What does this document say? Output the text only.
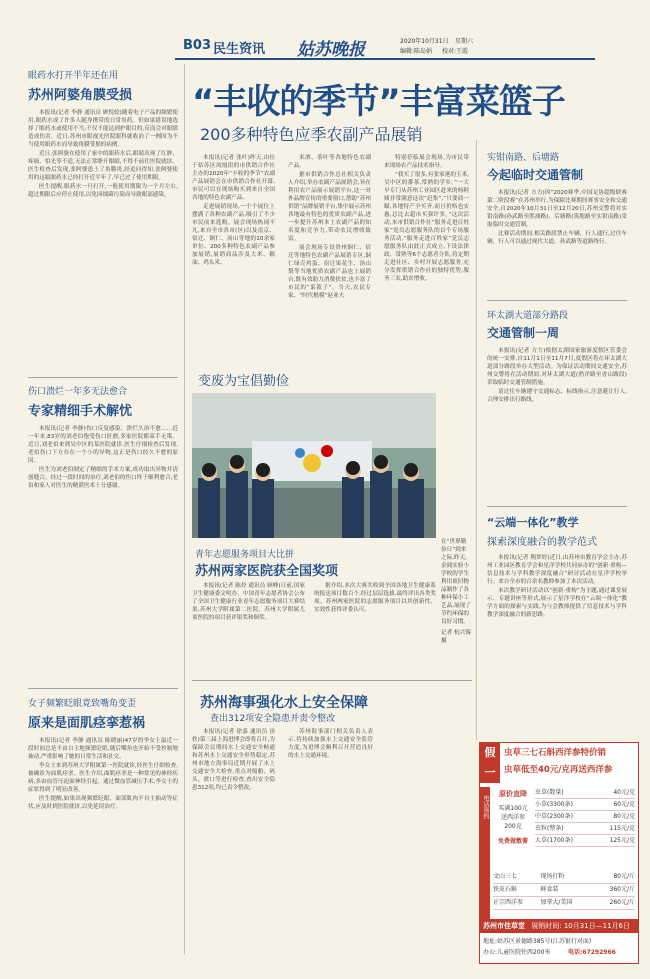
B03 民生资讯 姑苏晚报	2020年10月31日 星期六
编辑:陈岛娟 校对:王霞
“丰收的季节”丰富菜篮子
200多种特色应季农副产品展销

本报讯(记者 张叶)昨天,由位于姑苏区凤凰街的市供销合作社主办的2020年“丰收的季节”农副产品展销会在市供销合作社开幕,市民可以在现场购买到来自全国各地的特色农副产品。

走进展销现场,一个个展位上摆满了各种农副产品,吸引了不少市民前来选购。展会现场热闹不凡,来自全市各市(区)以及南京、宿迁、铜仁、汤山等地的10余家单位、200多种特色农副产品参加展销,展销商品涉及大米、糯油、鸡头米、

米酒、茶叶等各地特色农副产品。

据市供销合作总社相关负责人介绍,举办农副产品展销会,旨在利用农产品展示展销平台,这一对外品牌宣传的重要窗口,帮助“苏州供销”品牌展销平台,集中展示苏州各地最有特色的优质农副产品,进一步提升苏州本土农副产品的知名度和竞争力,带动农民增收致富。

展会现场专设贵州铜仁、宿迁等地特色农副产品展销专区,铜仁绿壳鸡蛋、宿迁果花生、汤山梨等当地优质农副产品也上展销台,既有效助力消费扶贫,也丰富了市民的“菜篮子”。当天,农民专家、“时代楷模”赵亚夫

特别莅临展会现场,为市民带来现场农产品技术指导。

“我买了很多,有张家港的玉米,吴中区的番茶,常熟的学乡。”一大早专门从苏州工业园区赶来的杨阿姨非常满意这次“赶集”,“只要商一瞄,各地特产全买齐,而且价格也实惠,总比去超市买强许多。”这次活动,本市供销合作社“服务走进百姓家”党员志愿服务队的首个专场服务活动,“服务走进百姓家”党员志愿服务队由此正式成立,下设法律政、常熟等6个志愿者分队,将定期走进社区、乡村开展志愿服务,充分发挥供销合作社的独特优势,服务三农,助农增收。

眼药水打开半年还在用
苏州阿婆角膜受损

本报讯(记者 李静 通讯员 顾悦姣)随着电子产品的频繁使用,眼药水成了许多人随身携带的日常用药。但如果错误地选择了眼药水或使用不当,不仅不能达到护眼目的,反而会对眼睛造成伤害。近日,苏州市眼视光医院眼科就收治了一例因为不当使用眼药水而导致角膜受损的病例。

近日,张阿婆在使用了家中的眼药水后,眼睛出现了红肿、疼痛、怕光等不适,无法正常睁开眼睛,不得不前往医院就诊。医生检查后发现,张阿婆患上了角膜炎,经追问得知,张阿婆使用的这瓶眼药水已经打开近半年了,早已过了使用期限。

医生提醒,眼药水一旦打开,一般使用期限为一个月左右,超过期限后应停止使用,以免因细菌污染而导致眼部感染。

伤口溃烂一年多无法愈合
专家精细手术解忧

本报讯(记者 李静)伤口反复感染、溃烂久治不愈……近一年来,83岁的刘老伯饱受伤口折磨,多家医院都束手无策。近日,刘老伯来到吴中区的某医院就诊,医生仔细检查后发现,老伯伤口下方存在一个小的异物,这正是伤口经久不愈的原因。

医生为刘老伯制定了精细的手术方案,成功取出异物并清创缝合。经过一段时间的治疗,刘老伯的伤口终于顺利愈合,老伯和家人对医生的精湛医术十分感谢。

女子频繁眨眼竟致嘴角变歪
原来是面肌痉挛惹祸

本报讯(记者 李静 通讯员 陈晓丽)47岁的李女士最近一段时间总是不由自主地频繁眨眼,随后嘴角也开始不受控制地抽动,严重影响了她的日常生活和社交。

李女士来到苏州大学附属第一医院就诊,经医生仔细检查,被确诊为面肌痉挛。医生介绍,面肌痉挛是一种常见的神经疾病,多由血管压迫面神经引起。通过微血管减压手术,李女士的症状得到了明显改善。

医生提醒,如果出现频繁眨眼、面部肌肉不自主抽动等症状,应及时到医院就诊,以免延误治疗。

变废为宝倡勤俭
在“世界勤俭日”到来之际,昨天,金阊实验小学校的学生利用废旧物品制作了各种环保小工艺品,展现了节约环保的良好习惯。
记者 杭兴锡 摄
青年志愿服务项目大比拼
苏州两家医院获全国奖项

本报讯(记者 陈烃 通讯员 顾峰)日前,国家卫生健康委文明办、中国青年志愿者协会公布了全国卫生健康行业青年志愿服务项目大赛结果,苏州大学附属第二医院、苏州大学附属儿童医院的项目获评银奖和铜奖。

据介绍,本次大赛共收到全国各地卫生健康系统报送项目数百个,经过层层选拔,最终评出各类奖项。苏州两家医院的志愿服务项目以其创新性、实效性获得评委认可。

苏州海事强化水上安全保障
查出312项安全隐患并责令整改

本报讯(记者 徐嘉 通讯员 汤轶)第三届上海进博会即将召开,为保障会议期间水上交通安全畅通和苏州水上交通安全形势稳定,苏州市地方海事局近期开展了水上交通安全大检查,重点对船舶、码头、渡口等进行检查,查出安全隐患312项,均已责令整改。

苏州海事部门相关负责人表示,将持续加强水上交通安全监管力度,为进博会顺利召开营造良好的水上交通环境。

实钳南路、后塘路
今起临时交通管制

本报讯(记者 方力)因“2020赛季,中国足协超级联赛第二阶段赛”在苏州举行,为保障比赛期间赛事安全和交通安全,自2020年10月31日至12月20日,苏州交警将对实钳南路(孙武路至胜浦路)、后塘路(筑地路至实钳南路)采取临时交通管制。

比赛活动期间,相关路段禁止车辆、行人通行,过往车辆、行人可以通过现代大道、孙武路等道路绕行。

环太湖大道部分路段
交通管制一周

本报讯(记者 方力)根据太湖国家旅游度假区管委会的统一安排,自11月1日至11月7日,度假区将在环太湖大道部分路段举办大型活动。为保证活动期间交通安全,苏州交警将在活动期间,对环太湖大道(渔洋路至香山路段)采取临时交通管制措施。

请过往车辆遵守交通标志、标线指示,注意避让行人,合理安排出行路线。

“云端一体化”教学
探索深度融合的教学范式

本报讯(记者 陶梦婷)近日,由苏州市教育学会主办,苏州工业园区教育学会和星洋学校共同承办的“创新·重构—信息技术与学科教学深度融合”研讨活动在星洋学校举行。来自全市的百余名教师参加了本次活动。

本次教学研讨活动以“创新·重构”为主题,通过课堂展示、专题讲座等形式,展示了星洋学校在“云端一体化”教学方面的探索与实践,为与会教师提供了信息技术与学科教学深度融合的新思路。

假
一
虫草三七石斛西洋参特价销
虫草低至40元/克再送西洋参
电话预约
原价直降
买满100元
送西洋参
200克
免费做敷膏
虫草(数量)	40元/克
小草(3300条)	60元/克
中草(2300条)	80元/克
虫粒(整条)	115元/克
大草(1700条)	125元/克
文山三七	现场打粉	80元/斤
铁皮石斛	鲜食装	360元/斤
正宗西洋参	加拿大/美国	260元/斤
苏州市佳草堂 展销时间: 10月31日—11月6日
地址:姑苏区景德路385号(江苏银行对面)
办公:儿童医院往西200米	电话:67292966
